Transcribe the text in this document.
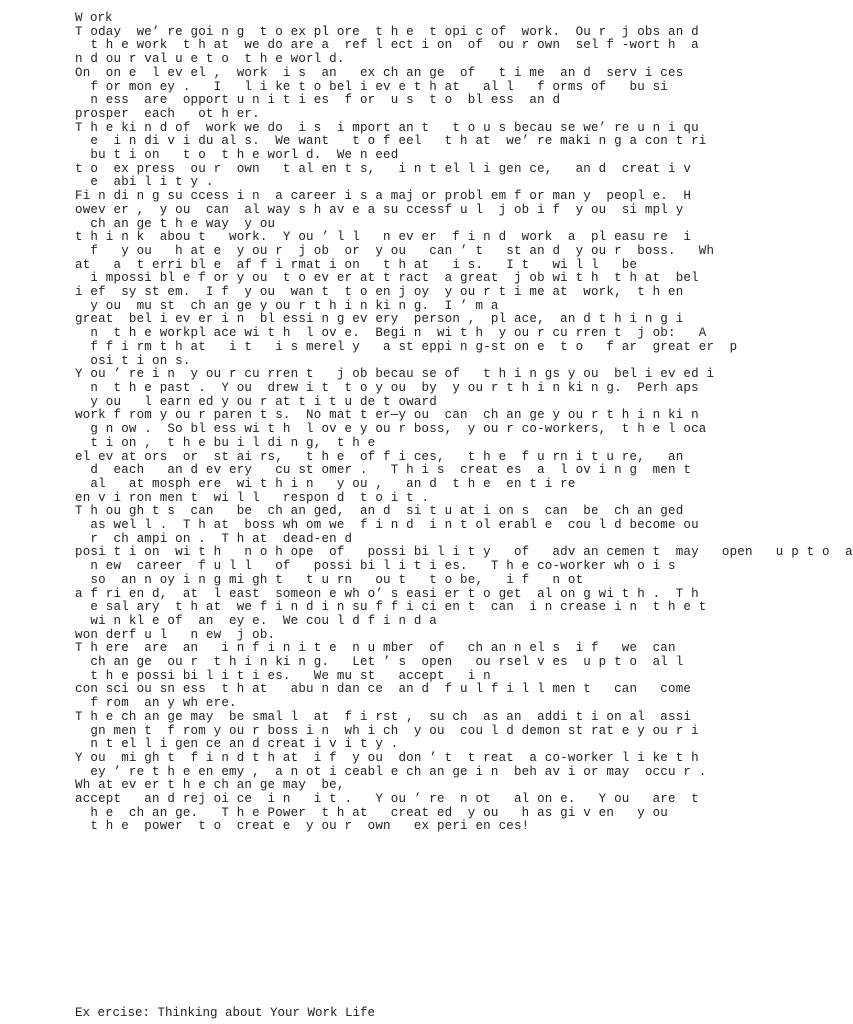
W ork
T oday  we’ re goi n g  t o ex pl ore  t h e  t opi c of  work.  Ou r  j obs an d
t h e work  t h at  we do are a  ref l ect i on  of  ou r own  sel f -wort h  a
n d ou r val u e t o  t h e worl d.
On  on e  l ev el ,  work  i s  an   ex ch an ge  of   t i me  an d  serv i ces
f or mon ey .   I   l i ke t o bel i ev e t h at   al l   f orms of   bu si
n ess  are  opport u n i t i es  f or  u s  t o  bl ess  an d
prosper  each   ot h er.
T h e ki n d of  work we do  i s  i mport an t   t o u s becau se we’ re u n i qu
e  i n di v i du al s.  We want   t o f eel   t h at  we’ re maki n g a con t ri
bu t i on   t o  t h e worl d.  We n eed
t o  ex press  ou r  own   t al en t s,   i n t el l i gen ce,   an d  creat i v
e  abi l i t y .
Fi n di n g su ccess i n  a career i s a maj or probl em f or man y  peopl e.  H
owev er ,  y ou  can  al way s h av e a su ccessf u l  j ob i f  y ou  si mpl y
ch an ge t h e way  y ou
t h i n k  abou t   work.  Y ou ’ l l   n ev er  f i n d  work  a  pl easu re  i
f   y ou   h at e  y ou r  j ob  or  y ou   can ’ t   st an d  y ou r  boss.   Wh
at   a  t erri bl e  af f i rmat i on   t h at   i s.   I t   wi l l   be
i mpossi bl e f or y ou  t o ev er at t ract  a great  j ob wi t h  t h at  bel
i ef  sy st em.  I f  y ou  wan t  t o en j oy  y ou r t i me at  work,  t h en
y ou  mu st  ch an ge y ou r t h i n ki n g.  I ’ m a
great  bel i ev er i n  bl essi n g ev ery  person ,  pl ace,  an d t h i n g i
n  t h e workpl ace wi t h  l ov e.  Begi n  wi t h  y ou r cu rren t  j ob:   A
f f i rm t h at   i t   i s merel y   a st eppi n g-st on e  t o   f ar  great er  p
osi t i on s.
Y ou ’ re i n  y ou r cu rren t   j ob becau se of   t h i n gs y ou  bel i ev ed i
n  t h e past .  Y ou  drew i t  t o y ou  by  y ou r t h i n ki n g.  Perh aps
y ou   l earn ed y ou r at t i t u de t oward
work f rom y ou r paren t s.  No mat t er—y ou  can  ch an ge y ou r t h i n ki n
g n ow .  So bl ess wi t h  l ov e y ou r boss,  y ou r co-workers,  t h e l oca
t i on ,  t h e bu i l di n g,  t h e
el ev at ors  or  st ai rs,   t h e  of f i ces,   t h e  f u rn i t u re,   an
d  each   an d ev ery   cu st omer .   T h i s  creat es  a  l ov i n g  men t
al   at mosph ere  wi t h i n   y ou ,   an d  t h e  en t i re
en v i ron men t  wi l l   respon d  t o i t .
T h ou gh t s  can   be  ch an ged,  an d  si t u at i on s  can  be  ch an ged
as wel l .  T h at  boss wh om we  f i n d  i n t ol erabl e  cou l d become ou
r  ch ampi on .  T h at  dead-en d
posi t i on  wi t h   n o h ope  of   possi bi l i t y   of   adv an cemen t  may   open   u p t o  a
n ew  career  f u l l   of   possi bi l i t i es.   T h e co-worker wh o i s
so  an n oy i n g mi gh t   t u rn   ou t   t o be,   i f   n ot
a f ri en d,  at  l east  someon e wh o’ s easi er t o get  al on g wi t h .  T h
e sal ary  t h at  we f i n d i n su f f i ci en t  can  i n crease i n  t h e t
wi n kl e of  an  ey e.  We cou l d f i n d a
won derf u l   n ew  j ob.
T h ere  are  an   i n f i n i t e  n u mber  of   ch an n el s  i f   we  can
ch an ge  ou r  t h i n ki n g.   Let ’ s  open   ou rsel v es  u p t o  al l
t h e possi bi l i t i es.   We mu st   accept   i n
con sci ou sn ess  t h at   abu n dan ce  an d  f u l f i l l men t   can   come
f rom  an y wh ere.
T h e ch an ge may  be smal l  at  f i rst ,  su ch  as an  addi t i on al  assi
gn men t  f rom y ou r boss i n  wh i ch  y ou  cou l d demon st rat e y ou r i
n t el l i gen ce an d creat i v i t y .
Y ou  mi gh t  f i n d t h at  i f  y ou  don ’ t  t reat  a co-worker l i ke t h
ey ’ re t h e en emy ,  a n ot i ceabl e ch an ge i n  beh av i or may  occu r .
Wh at ev er t h e ch an ge may  be,
accept   an d rej oi ce  i n   i t .   Y ou ’ re  n ot   al on e.   Y ou   are  t
h e  ch an ge.   T h e Power  t h at   creat ed  y ou   h as gi v en   y ou
t h e  power  t o  creat e  y ou r  own   ex peri en ces!
Ex ercise: Thinking about Your Work Life
